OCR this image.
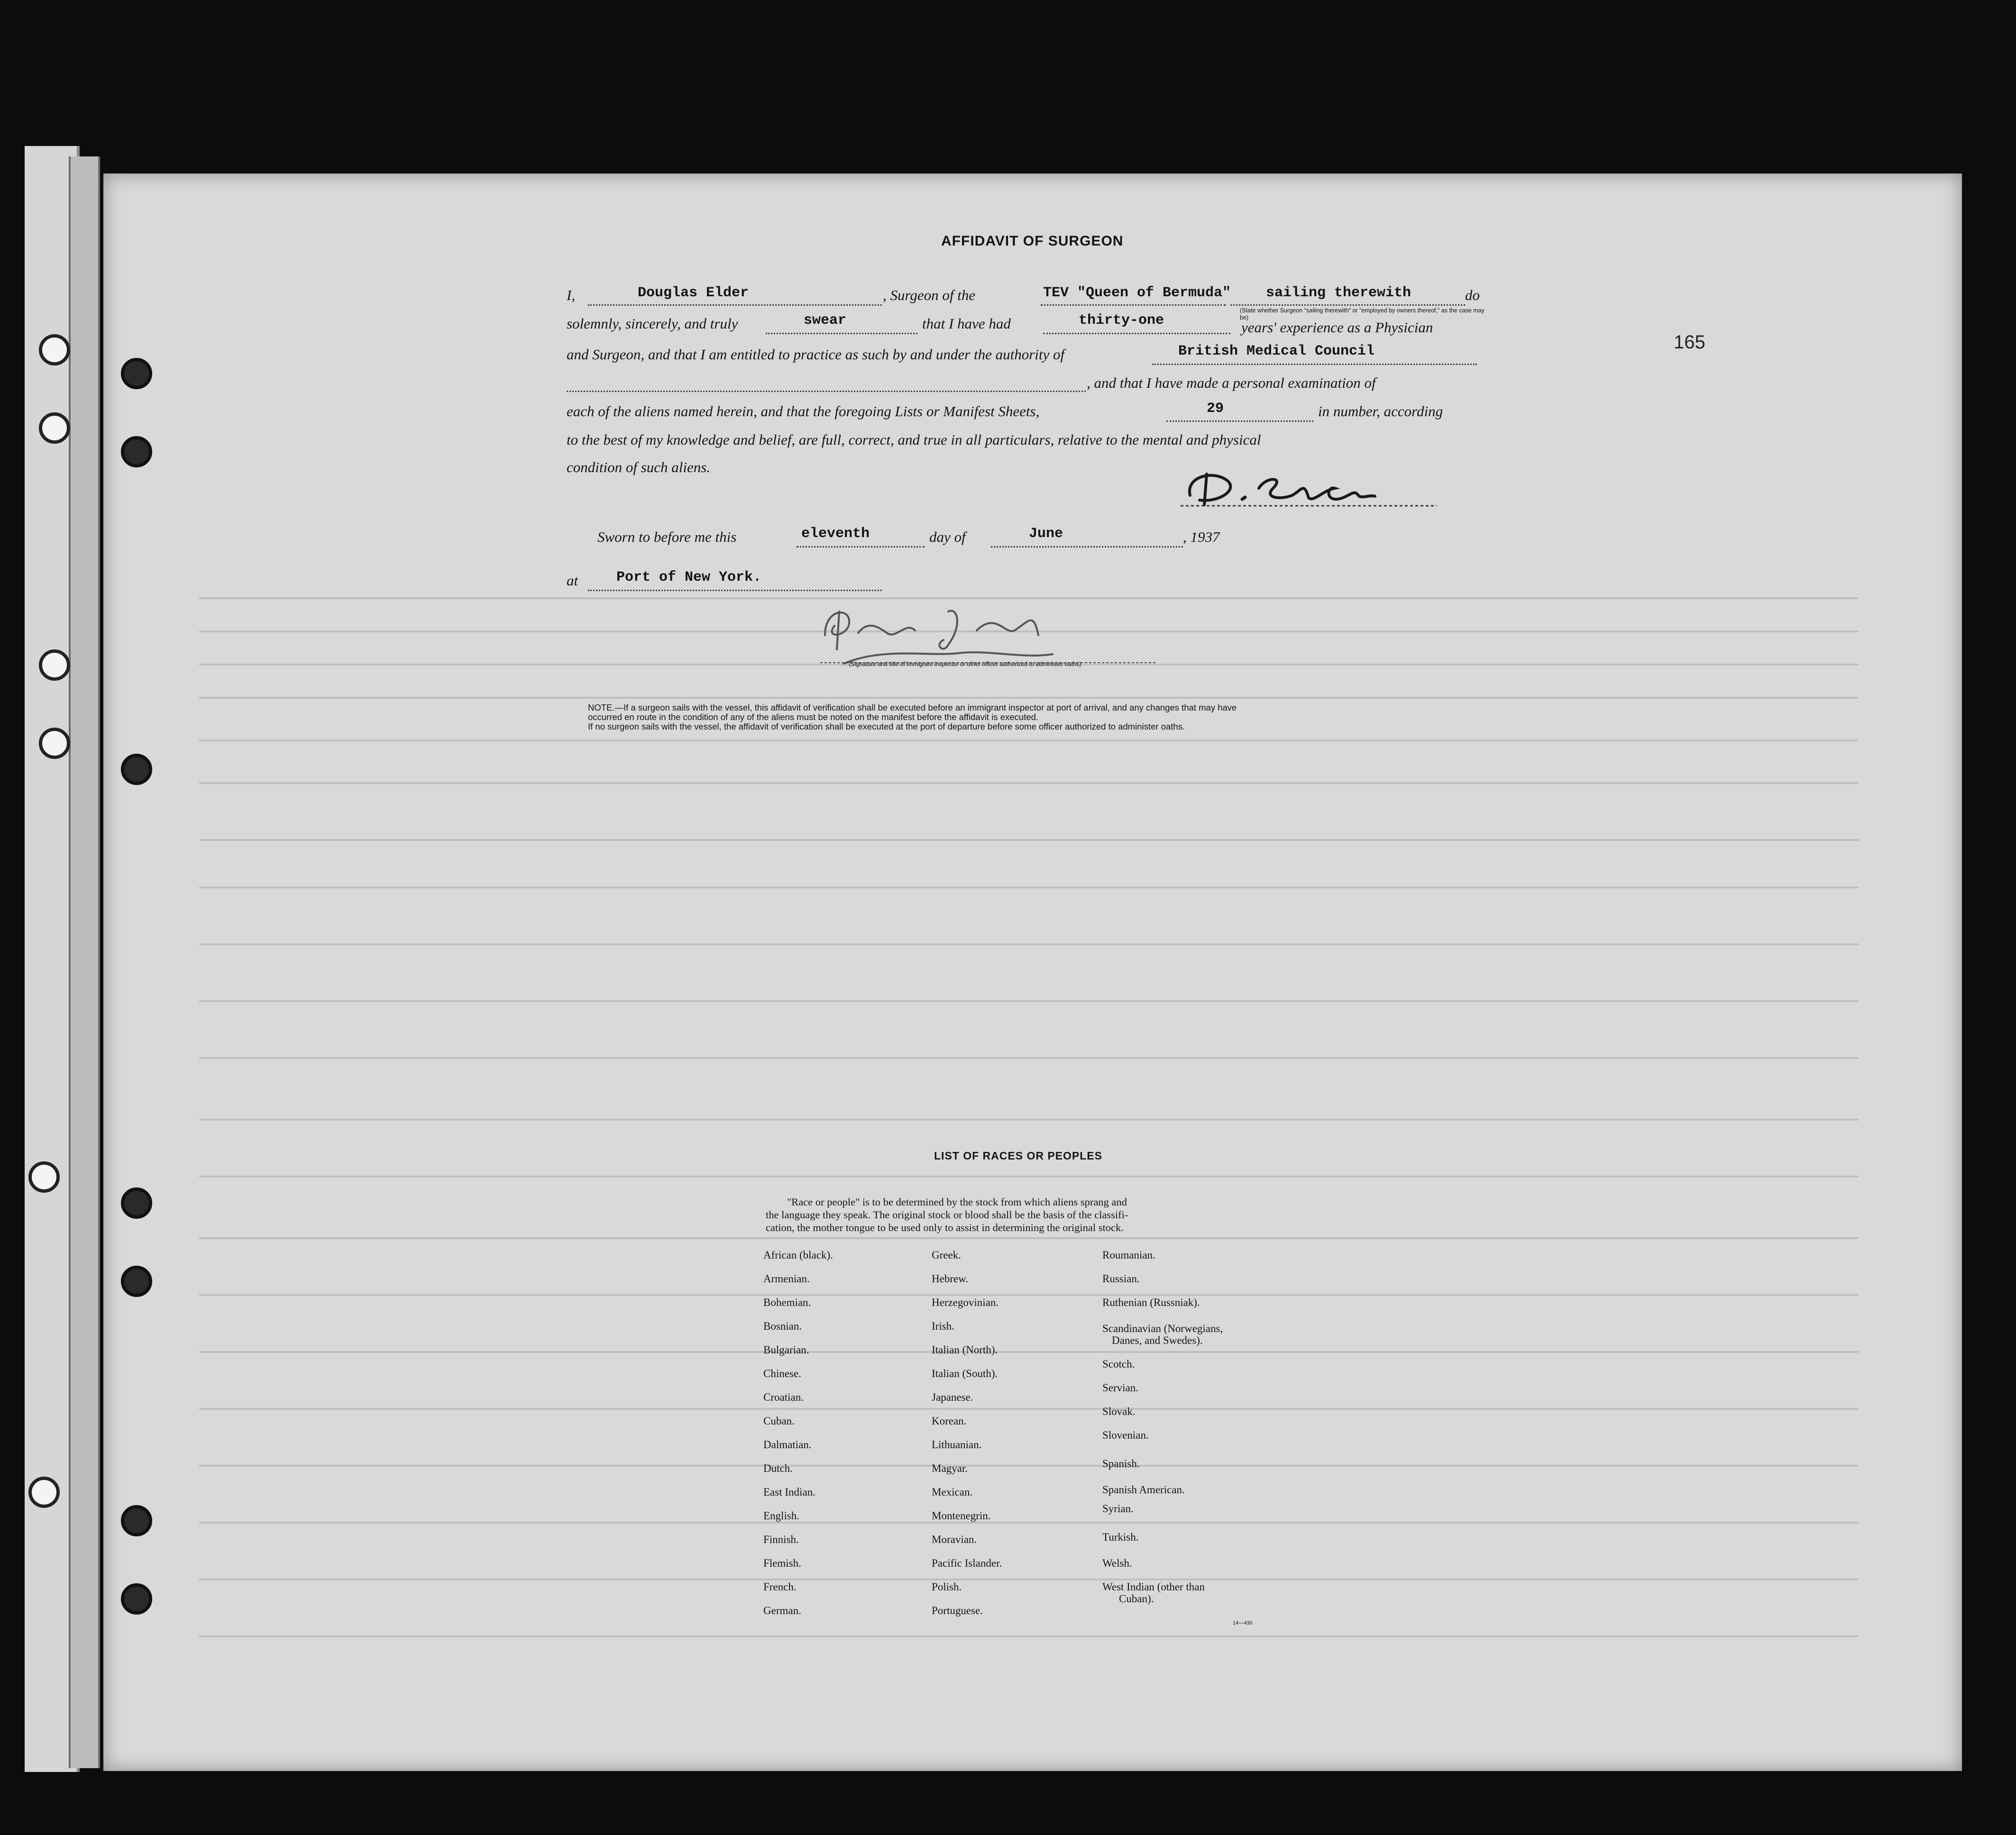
165
AFFIDAVIT OF SURGEON
I,	Douglas Elder	, Surgeon of the	TEV "Queen of Bermuda" sailing therewith	do
(State whether Surgeon "sailing therewith" or "employed by owners thereof," as the case may be)
solemnly, sincerely, and truly	swear	that I have had	thirty-one	years' experience as a Physician
and Surgeon, and that I am entitled to practice as such by and under the authority of	British Medical Council
, and that I have made a personal examination of
each of the aliens named herein, and that the foregoing Lists or Manifest Sheets,	29	in number, according
to the best of my knowledge and belief, are full, correct, and true in all particulars, relative to the mental and physical
condition of such aliens.
Sworn to before me this	eleventh	day of	June	, 1937
at	Port of New York.
(Signature and title of immigrant inspector or other officer authorized to administer oaths)
NOTE.—If a surgeon sails with the vessel, this affidavit of verification shall be executed before an immigrant inspector at port of arrival, and any changes that may have
occurred en route in the condition of any of the aliens must be noted on the manifest before the affidavit is executed.
If no surgeon sails with the vessel, the affidavit of verification shall be executed at the port of departure before some officer authorized to administer oaths.
LIST OF RACES OR PEOPLES
"Race or people" is to be determined by the stock from which aliens sprang and
the language they speak. The original stock or blood shall be the basis of the classifi-
cation, the mother tongue to be used only to assist in determining the original stock.
African (black).
Armenian.
Bohemian.
Bosnian.
Bulgarian.
Chinese.
Croatian.
Cuban.
Dalmatian.
Dutch.
East Indian.
English.
Finnish.
Flemish.
French.
German.
Greek.
Hebrew.
Herzegovinian.
Irish.
Italian (North).
Italian (South).
Japanese.
Korean.
Lithuanian.
Magyar.
Mexican.
Montenegrin.
Moravian.
Pacific Islander.
Polish.
Portuguese.
Roumanian.
Russian.
Ruthenian (Russniak).
Scandinavian (Norwegians,
Danes, and Swedes).
Scotch.
Servian.
Slovak.
Slovenian.
Spanish.
Spanish American.
Syrian.
Turkish.
Welsh.
West Indian (other than
Cuban).
14—430
